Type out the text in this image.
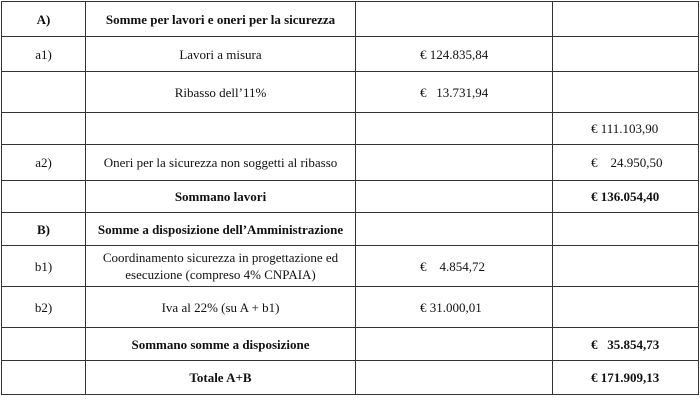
A)	Somme per lavori e oneri per la sicurezza		
a1)	Lavori a misura	€ 124.835,84	
	Ribasso dell’11%	€   13.731,94	
			€ 111.103,90
a2)	Oneri per la sicurezza non soggetti al ribasso		€    24.950,50
	Sommano lavori		€ 136.054,40
B)	Somme a disposizione dell’Amministrazione		
b1)	Coordinamento sicurezza in progettazione ed esecuzione (compreso 4% CNPAIA)	€    4.854,72	
b2)	Iva al 22% (su A + b1)	€ 31.000,01	
	Sommano somme a disposizione		€   35.854,73
	Totale A+B		€ 171.909,13
